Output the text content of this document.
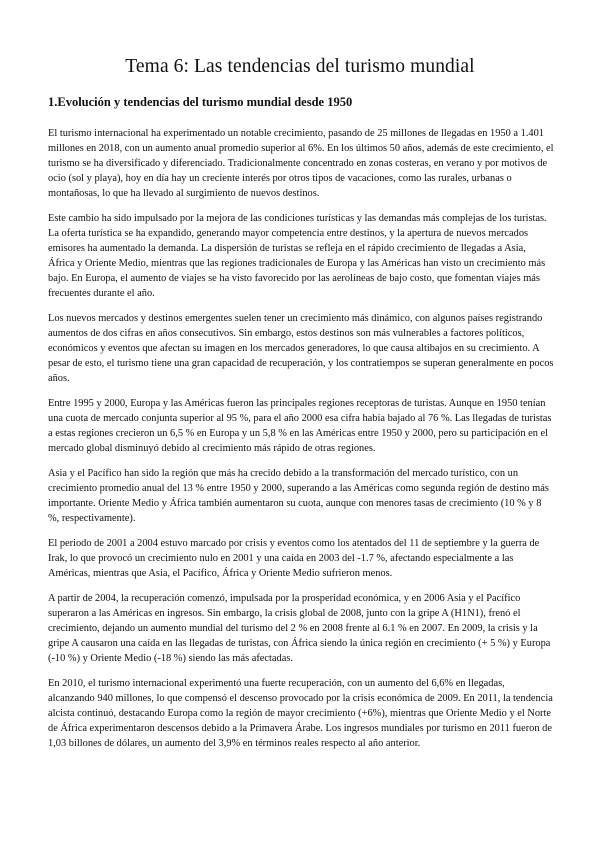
Tema 6: Las tendencias del turismo mundial
1.Evolución y tendencias del turismo mundial desde 1950

El turismo internacional ha experimentado un notable crecimiento, pasando de 25 millones de llegadas en 1950 a 1.401 millones en 2018, con un aumento anual promedio superior al 6%. En los últimos 50 años, además de este crecimiento, el turismo se ha diversificado y diferenciado. Tradicionalmente concentrado en zonas costeras, en verano y por motivos de ocio (sol y playa), hoy en día hay un creciente interés por otros tipos de vacaciones, como las rurales, urbanas o montañosas, lo que ha llevado al surgimiento de nuevos destinos.

Este cambio ha sido impulsado por la mejora de las condiciones turísticas y las demandas más complejas de los turistas. La oferta turística se ha expandido, generando mayor competencia entre destinos, y la apertura de nuevos mercados emisores ha aumentado la demanda. La dispersión de turistas se refleja en el rápido crecimiento de llegadas a Asia, África y Oriente Medio, mientras que las regiones tradicionales de Europa y las Américas han visto un crecimiento más bajo. En Europa, el aumento de viajes se ha visto favorecido por las aerolíneas de bajo costo, que fomentan viajes más frecuentes durante el año.

Los nuevos mercados y destinos emergentes suelen tener un crecimiento más dinámico, con algunos países registrando aumentos de dos cifras en años consecutivos. Sin embargo, estos destinos son más vulnerables a factores políticos, económicos y eventos que afectan su imagen en los mercados generadores, lo que causa altibajos en su crecimiento. A pesar de esto, el turismo tiene una gran capacidad de recuperación, y los contratiempos se superan generalmente en pocos años.

Entre 1995 y 2000, Europa y las Américas fueron las principales regiones receptoras de turistas. Aunque en 1950 tenían una cuota de mercado conjunta superior al 95 %, para el año 2000 esa cifra había bajado al 76 %. Las llegadas de turistas a estas regiones crecieron un 6,5 % en Europa y un 5,8 % en las Américas entre 1950 y 2000, pero su participación en el mercado global disminuyó debido al crecimiento más rápido de otras regiones.

Asia y el Pacífico han sido la región que más ha crecido debido a la transformación del mercado turístico, con un crecimiento promedio anual del 13 % entre 1950 y 2000, superando a las Américas como segunda región de destino más importante. Oriente Medio y África también aumentaron su cuota, aunque con menores tasas de crecimiento (10 % y 8 %, respectivamente).

El periodo de 2001 a 2004 estuvo marcado por crisis y eventos como los atentados del 11 de septiembre y la guerra de Irak, lo que provocó un crecimiento nulo en 2001 y una caída en 2003 del -1.7 %, afectando especialmente a las Américas, mientras que Asia, el Pacífico, África y Oriente Medio sufrieron menos.

A partir de 2004, la recuperación comenzó, impulsada por la prosperidad económica, y en 2006 Asia y el Pacífico superaron a las Américas en ingresos. Sin embargo, la crisis global de 2008, junto con la gripe A (H1N1), frenó el crecimiento, dejando un aumento mundial del turismo del 2 % en 2008 frente al 6.1 % en 2007. En 2009, la crisis y la gripe A causaron una caída en las llegadas de turistas, con África siendo la única región en crecimiento (+ 5 %) y Europa (-10 %) y Oriente Medio (-18 %) siendo las más afectadas.

En 2010, el turismo internacional experimentó una fuerte recuperación, con un aumento del 6,6% en llegadas, alcanzando 940 millones, lo que compensó el descenso provocado por la crisis económica de 2009. En 2011, la tendencia alcista continuó, destacando Europa como la región de mayor crecimiento (+6%), mientras que Oriente Medio y el Norte de África experimentaron descensos debido a la Primavera Árabe. Los ingresos mundiales por turismo en 2011 fueron de 1,03 billones de dólares, un aumento del 3,9% en términos reales respecto al año anterior.
